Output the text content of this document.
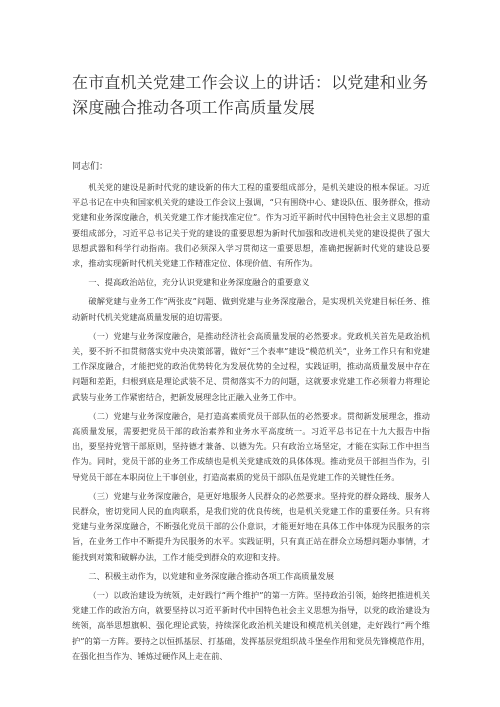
在市直机关党建工作会议上的讲话：以党建和业务深度融合推动各项工作高质量发展
同志们：

机关党的建设是新时代党的建设新的伟大工程的重要组成部分，是机关建设的根本保证。习近平总书记在中央和国家机关党的建设工作会议上强调，“只有围绕中心、建设队伍、服务群众，推动党建和业务深度融合，机关党建工作才能找准定位”。作为习近平新时代中国特色社会主义思想的重要组成部分，习近平总书记关于党的建设的重要思想为新时代加强和改进机关党的建设提供了强大思想武器和科学行动指南。我们必须深入学习贯彻这一重要思想，准确把握新时代党的建设总要求，推动实现新时代机关党建工作精准定位、体现价值、有所作为。

一、提高政治站位，充分认识党建和业务深度融合的重要意义

破解党建与业务工作“两张皮”问题、做到党建与业务深度融合，是实现机关党建目标任务、推动新时代机关党建高质量发展的迫切需要。

（一）党建与业务深度融合，是推动经济社会高质量发展的必然要求。党政机关首先是政治机关，要不折不扣贯彻落实党中央决策部署，做好“三个表率”建设“模范机关”，业务工作只有和党建工作深度融合，才能把党的政治优势转化为发展优势的全过程，实践证明，推动高质量发展中存在问题和差距，归根到底是理论武装不足、贯彻落实不力的问题，这就要求党建工作必须着力将理论武装与业务工作紧密结合，把新发展理念比正融入业务工作中。

（二）党建与业务深度融合，是打造高素质党员干部队伍的必然要求。贯彻新发展理念，推动高质量发展，需要把党员干部的政治素养和业务水平高度统一。习近平总书记在十九大报告中指出，要坚持党管干部原则，坚持德才兼备、以德为先。只有政治立场坚定，才能在实际工作中担当作为。同时，党员干部的业务工作成绩也是机关党建成效的具体体现。推动党员干部担当作为，引导党员干部在本职岗位上干事创业，打造高素质的党员干部队伍是党建工作的关键性任务。

（三）党建与业务深度融合，是更好地服务人民群众的必然要求。坚持党的群众路线、服务人民群众，密切党同人民的血肉联系，是我们党的优良传统，也是机关党建工作的重要任务。只有将党建与业务深度融合，不断强化党员干部的公仆意识，才能更好地在具体工作中体现为民服务的宗旨，在业务工作中不断提升为民服务的水平。实践证明，只有真正站在群众立场想问题办事情，才能找到对策和破解办法，工作才能受到群众的欢迎和支持。

二、积极主动作为，以党建和业务深度融合推动各项工作高质量发展

（一）以政治建设为统领，走好践行“两个维护”的第一方阵。坚持政治引领，始终把推进机关党建工作的政治方向，就要坚持以习近平新时代中国特色社会主义思想为指导，以党的政治建设为统领，高举思想旗帜、强化理论武装，持续深化政治机关建设和模范机关创建，走好践行“两个维护”的第一方阵。要持之以恒抓基层、打基础，发挥基层党组织战斗堡垒作用和党员先锋模范作用，在强化担当作为、锤炼过硬作风上走在前、
